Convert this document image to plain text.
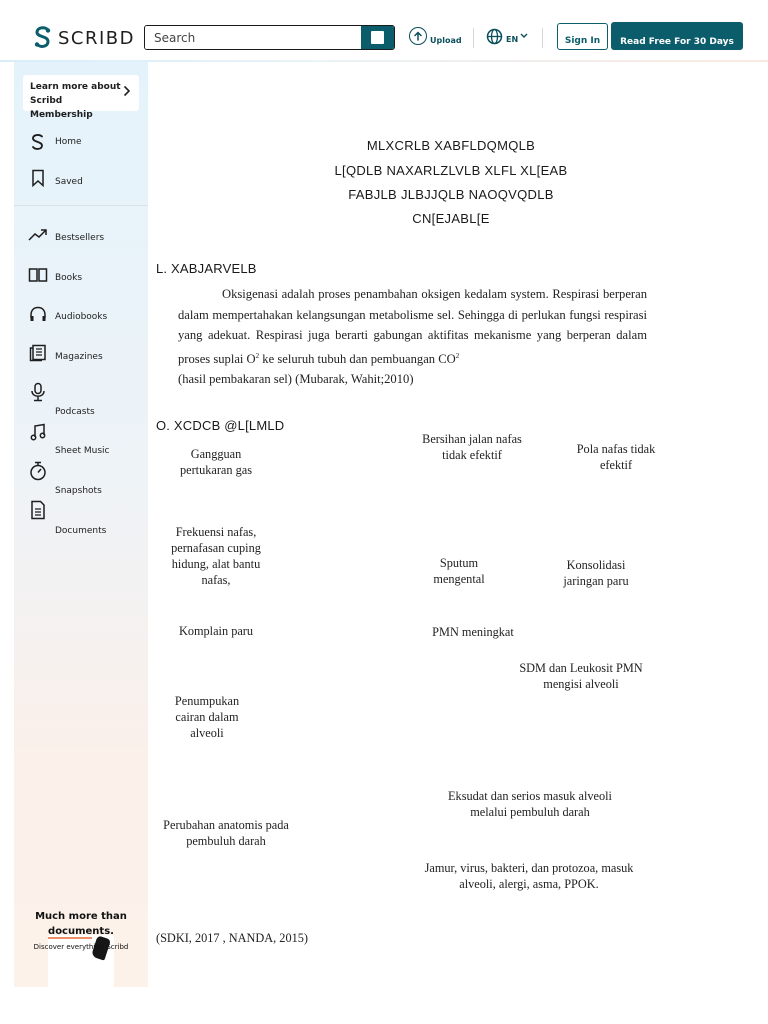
SCRIBD
Search	Upload	EN	Sign In	Read Free For 30 Days
Learn more about Scribd Membership
Home
Saved
Bestsellers
Books
Audiobooks
Magazines
Podcasts
Sheet Music
Snapshots
Documents
Much more than documents.
Discover everything Scribd
MLXCRLB XABFLDQMQLB
L[QDLB NAXARLZLVLB XLFL XL[EAB
FABJLB JLBJJQLB NAOQVQDLB
CN[EJABL[E
L. XABJARVELB
Oksigenasi adalah proses penambahan oksigen kedalam system. Respirasi berperan dalam mempertahakan kelangsungan metabolisme sel. Sehingga di perlukan fungsi respirasi yang adekuat. Respirasi juga berarti gabungan aktifitas mekanisme yang berperan dalam proses suplai $O^2$ ke seluruh tubuh dan pembuangan $CO^2$
(hasil pembakaran sel) (Mubarak, Wahit;2010)
O. XCDCB @L[LMLD
Gangguan pertukaran gas
Bersihan jalan nafas tidak efektif	Pola nafas tidak efektif
Frekuensi nafas, pernafasan cuping hidung, alat bantu nafas,
Sputum mengental
Konsolidasi jaringan paru
Komplain paru	PMN meningkat
SDM dan Leukosit PMN mengisi alveoli
Penumpukan cairan dalam alveoli
Eksudat dan serios masuk alveoli melalui pembuluh darah
Perubahan anatomis pada pembuluh darah
Jamur, virus, bakteri, dan protozoa, masuk alveoli, alergi, asma, PPOK.
(SDKI, 2017 , NANDA, 2015)
